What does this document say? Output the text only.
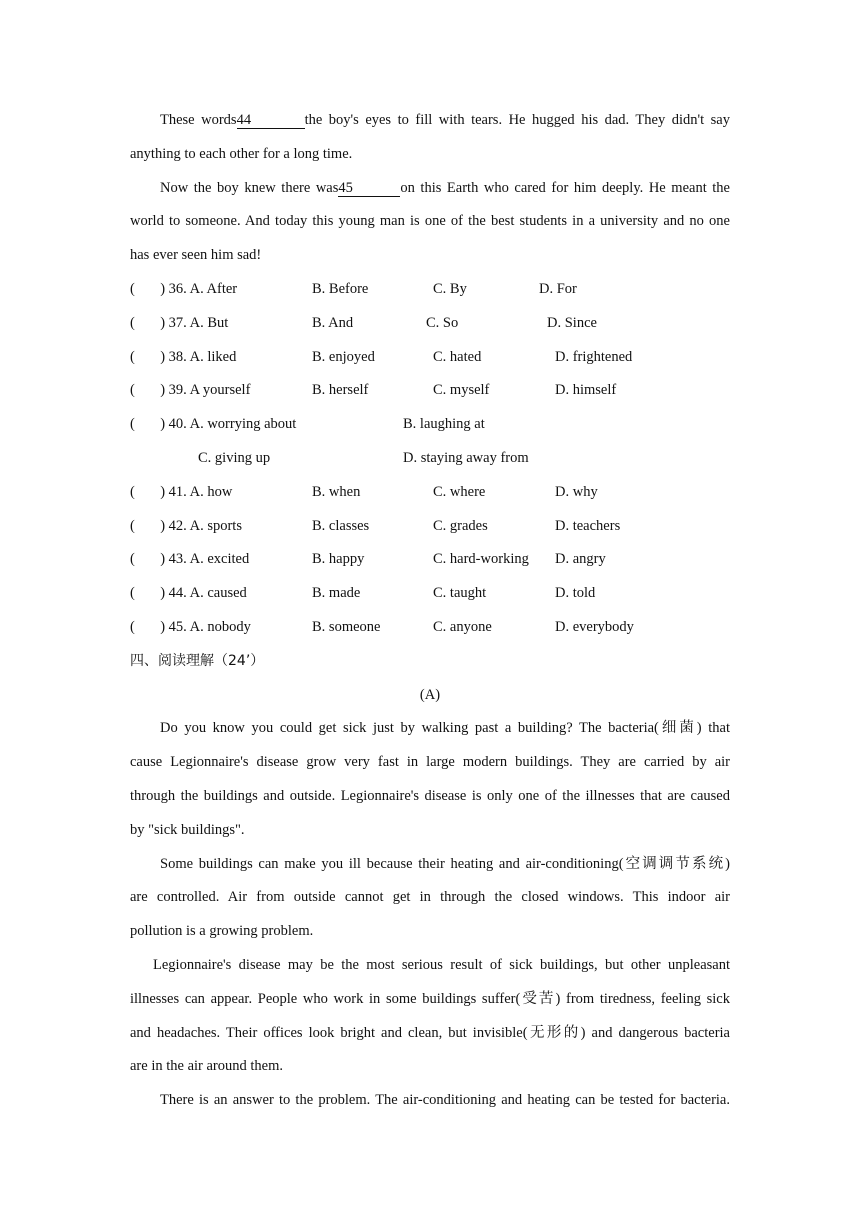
These words44	the boy's eyes to fill with tears. He hugged his dad. They didn't say
anything to each other for a long time.
Now the boy knew there was45	on this Earth who cared for him deeply. He meant the
world to someone. And today this young man is one of the best students in a university and no one
has ever seen him sad!
(       ) 36. A. After	B. Before	C. By	D. For
(       ) 37. A. But	B. And	C. So	D. Since
(       ) 38. A. liked	B. enjoyed	C. hated	D. frightened
(       ) 39. A yourself	B. herself	C. myself	D. himself
(       ) 40. A. worrying about	B. laughing at
C. giving up	D. staying away from
(       ) 41. A. how	B. when	C. where	D. why
(       ) 42. A. sports	B. classes	C. grades	D. teachers
(       ) 43. A. excited	B. happy	C. hard-working D. angry
(       ) 44. A. caused	B. made	C. taught	D. told
(       ) 45. A. nobody	B. someone	C. anyone	D. everybody
四、阅读理解（24’）
(A)
Do you know you could get sick just by walking past a building? The bacteria(细菌) that
cause Legionnaire's disease grow very fast in large modern buildings. They are carried by air
through the buildings and outside. Legionnaire's disease is only one of the illnesses that are caused
by "sick buildings".
Some buildings can make you ill because their heating and air-conditioning(空调调节系统)
are controlled. Air from outside cannot get in through the closed windows. This indoor air
pollution is a growing problem.
Legionnaire's disease may be the most serious result of sick buildings, but other unpleasant
illnesses can appear. People who work in some buildings suffer(受苦) from tiredness, feeling sick
and headaches. Their offices look bright and clean, but invisible(无形的) and dangerous bacteria
are in the air around them.
There is an answer to the problem. The air-conditioning and heating can be tested for bacteria.
